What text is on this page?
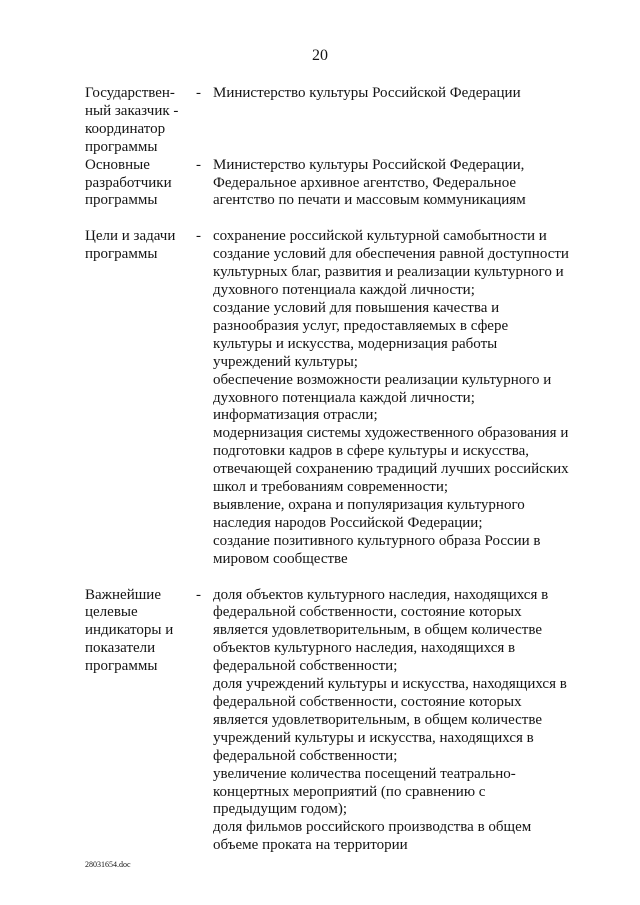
20
Государствен-
ный заказчик -
координатор
программы
- Министерство культуры Российской Федерации
Основные
разработчики
программы
- Министерство культуры Российской Федерации,
Федеральное архивное агентство, Федеральное
агентство по печати и массовым коммуникациям
Цели и задачи
программы
- сохранение российской культурной самобытности и
создание условий для обеспечения равной доступности
культурных благ, развития и реализации культурного и
духовного потенциала каждой личности;
создание условий для повышения качества и
разнообразия услуг, предоставляемых в сфере
культуры и искусства, модернизация работы
учреждений культуры;
обеспечение возможности реализации культурного и
духовного потенциала каждой личности;
информатизация отрасли;
модернизация системы художественного образования и
подготовки кадров в сфере культуры и искусства,
отвечающей сохранению традиций лучших российских
школ и требованиям современности;
выявление, охрана и популяризация культурного
наследия народов Российской Федерации;
создание позитивного культурного образа России в
мировом сообществе
Важнейшие
целевые
индикаторы и
показатели
программы
- доля объектов культурного наследия, находящихся в
федеральной собственности, состояние которых
является удовлетворительным, в общем количестве
объектов культурного наследия, находящихся в
федеральной собственности;
доля учреждений культуры и искусства, находящихся в
федеральной собственности, состояние которых
является удовлетворительным, в общем количестве
учреждений культуры и искусства, находящихся в
федеральной собственности;
увеличение количества посещений театрально-
концертных мероприятий (по сравнению с
предыдущим годом);
доля фильмов российского производства в общем
объеме проката на территории
28031654.doc
